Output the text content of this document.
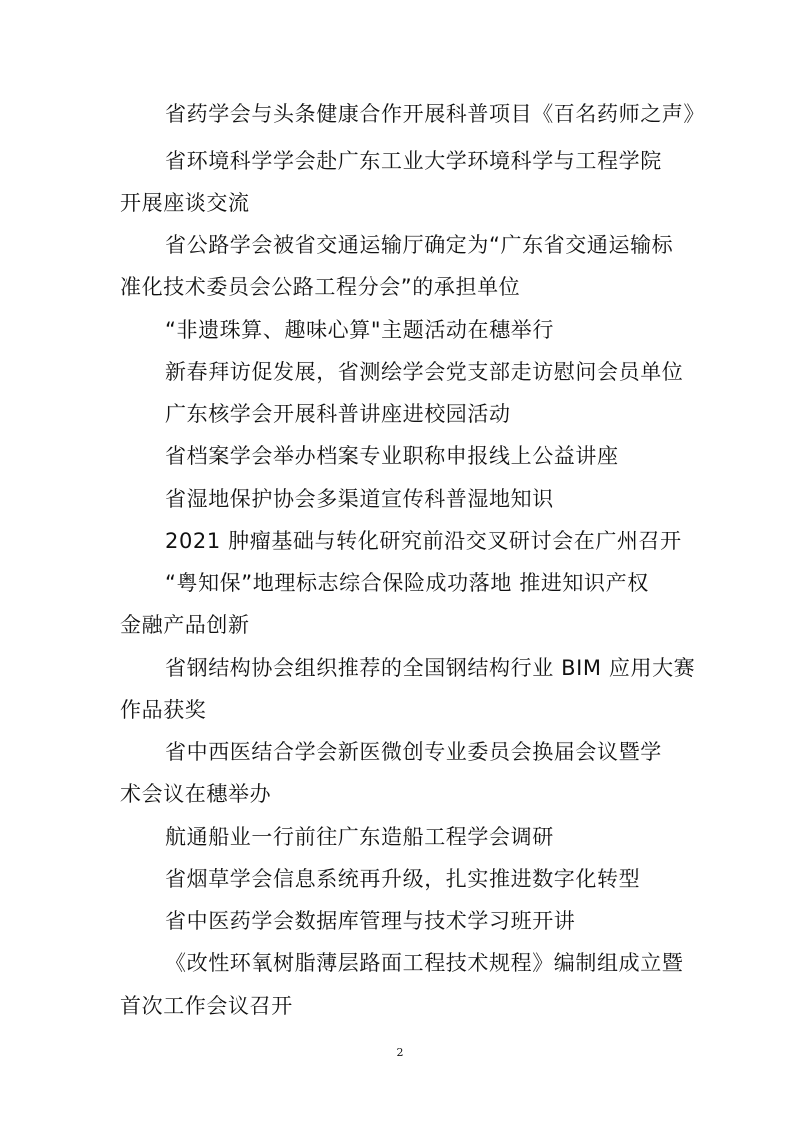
省药学会与头条健康合作开展科普项目《百名药师之声》
省环境科学学会赴广东工业大学环境科学与工程学院
开展座谈交流
省公路学会被省交通运输厅确定为“广东省交通运输标
准化技术委员会公路工程分会”的承担单位
“非遗珠算、趣味心算"主题活动在穗举行
新春拜访促发展，省测绘学会党支部走访慰问会员单位
广东核学会开展科普讲座进校园活动
省档案学会举办档案专业职称申报线上公益讲座
省湿地保护协会多渠道宣传科普湿地知识
2021 肿瘤基础与转化研究前沿交叉研讨会在广州召开
“粤知保”地理标志综合保险成功落地 推进知识产权
金融产品创新
省钢结构协会组织推荐的全国钢结构行业 BIM 应用大赛
作品获奖
省中西医结合学会新医微创专业委员会换届会议暨学
术会议在穗举办
航通船业一行前往广东造船工程学会调研
省烟草学会信息系统再升级，扎实推进数字化转型
省中医药学会数据库管理与技术学习班开讲
《改性环氧树脂薄层路面工程技术规程》编制组成立暨
首次工作会议召开
2
